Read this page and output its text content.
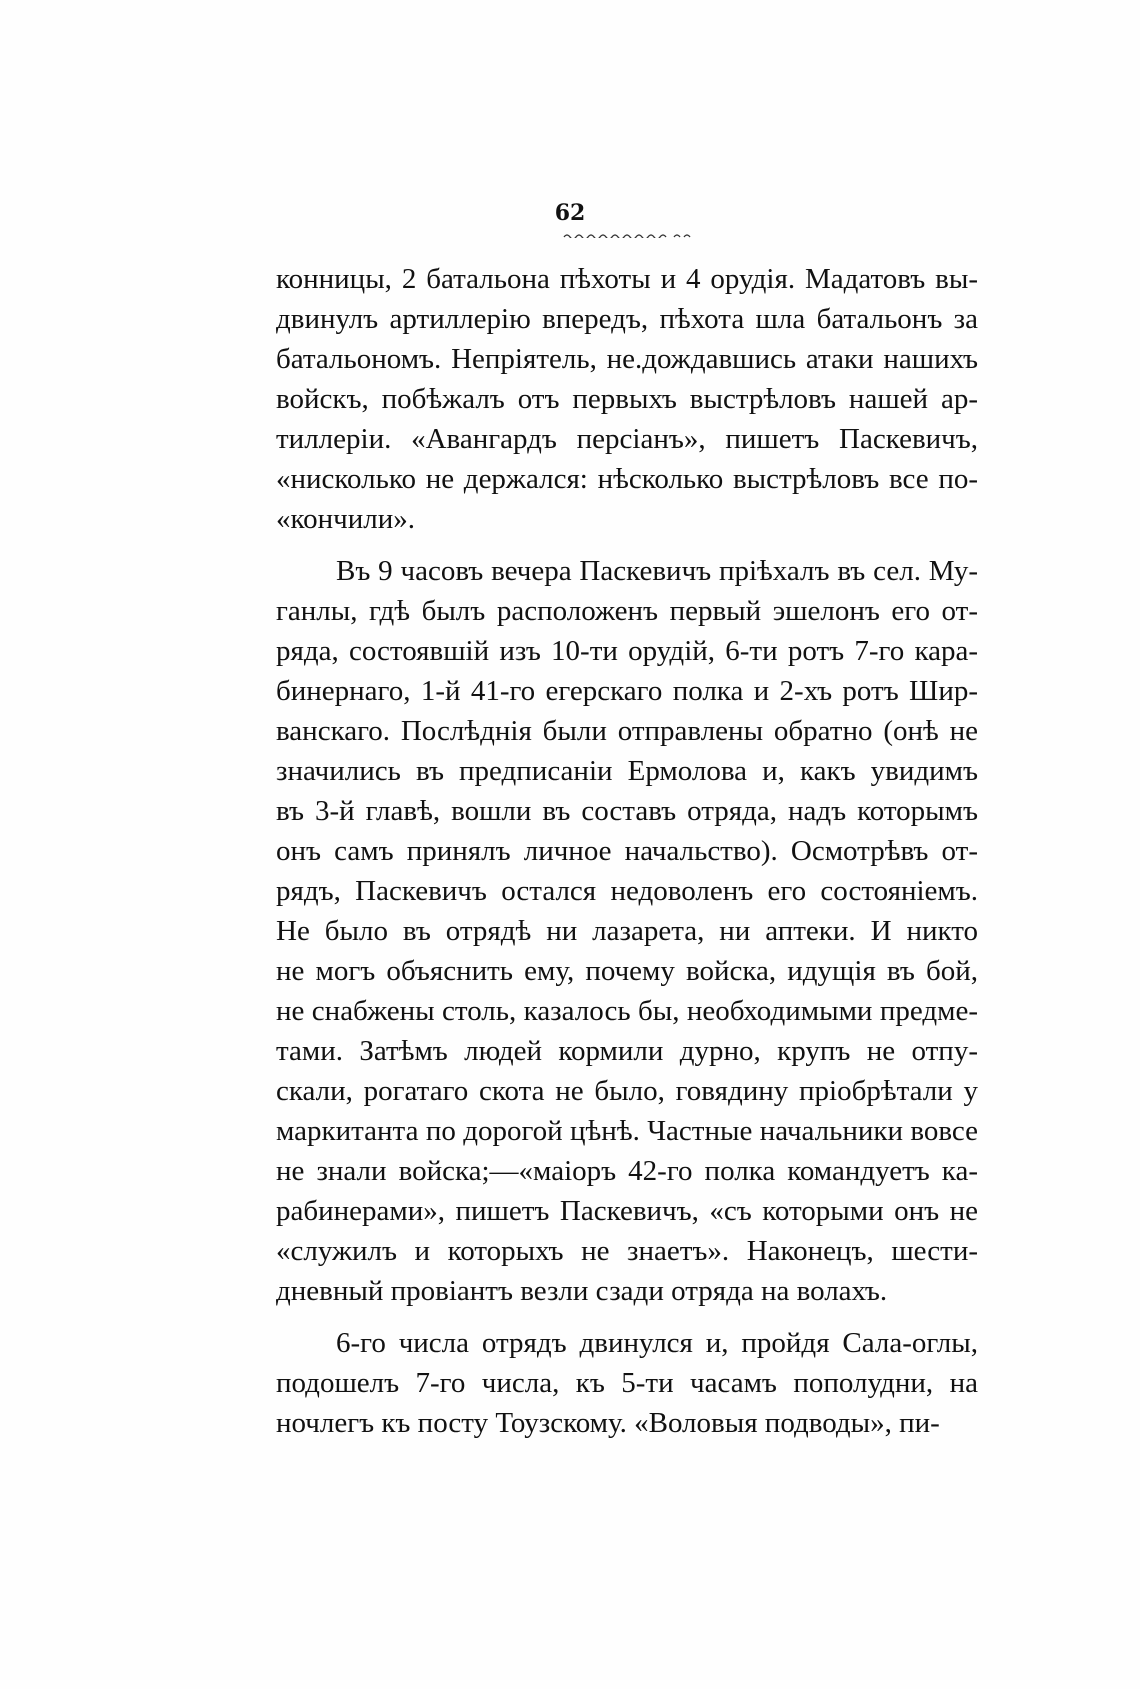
62
конницы, 2 батальона пѣхоты и 4 орудія. Мадатовъ вы-
двинулъ артиллерію впередъ, пѣхота шла батальонъ за
батальономъ. Непріятель, не.дождавшись атаки нашихъ
войскъ, побѣжалъ отъ первыхъ выстрѣловъ нашей ар-
тиллеріи. «Авангардъ персіанъ», пишетъ Паскевичъ,
«нисколько не держался: нѣсколько выстрѣловъ все по-
«кончили».
Въ 9 часовъ вечера Паскевичъ пріѣхалъ въ сел. Му-
ганлы, гдѣ былъ расположенъ первый эшелонъ его от-
ряда, состоявшій изъ 10-ти орудій, 6-ти ротъ 7-го кара-
бинернаго, 1-й 41-го егерскаго полка и 2-хъ ротъ Шир-
ванскаго. Послѣднія были отправлены обратно (онѣ не
значились въ предписаніи Ермолова и, какъ увидимъ
въ 3-й главѣ, вошли въ составъ отряда, надъ которымъ
онъ самъ принялъ личное начальство). Осмотрѣвъ от-
рядъ, Паскевичъ остался недоволенъ его состояніемъ.
Не было въ отрядѣ ни лазарета, ни аптеки. И никто
не могъ объяснить ему, почему войска, идущія въ бой,
не снабжены столь, казалось бы, необходимыми предме-
тами. Затѣмъ людей кормили дурно, крупъ не отпу-
скали, рогатаго скота не было, говядину пріобрѣтали у
маркитанта по дорогой цѣнѣ. Частные начальники вовсе
не знали войска;—«маіоръ 42-го полка командуетъ ка-
рабинерами», пишетъ Паскевичъ, «съ которыми онъ не
«служилъ и которыхъ не знаетъ». Наконецъ, шести-
дневный провіантъ везли сзади отряда на волахъ.
6-го числа отрядъ двинулся и, пройдя Сала-оглы,
подошелъ 7-го числа, къ 5-ти часамъ пополудни, на
ночлегъ къ посту Тоузскому. «Воловыя подводы», пи-
